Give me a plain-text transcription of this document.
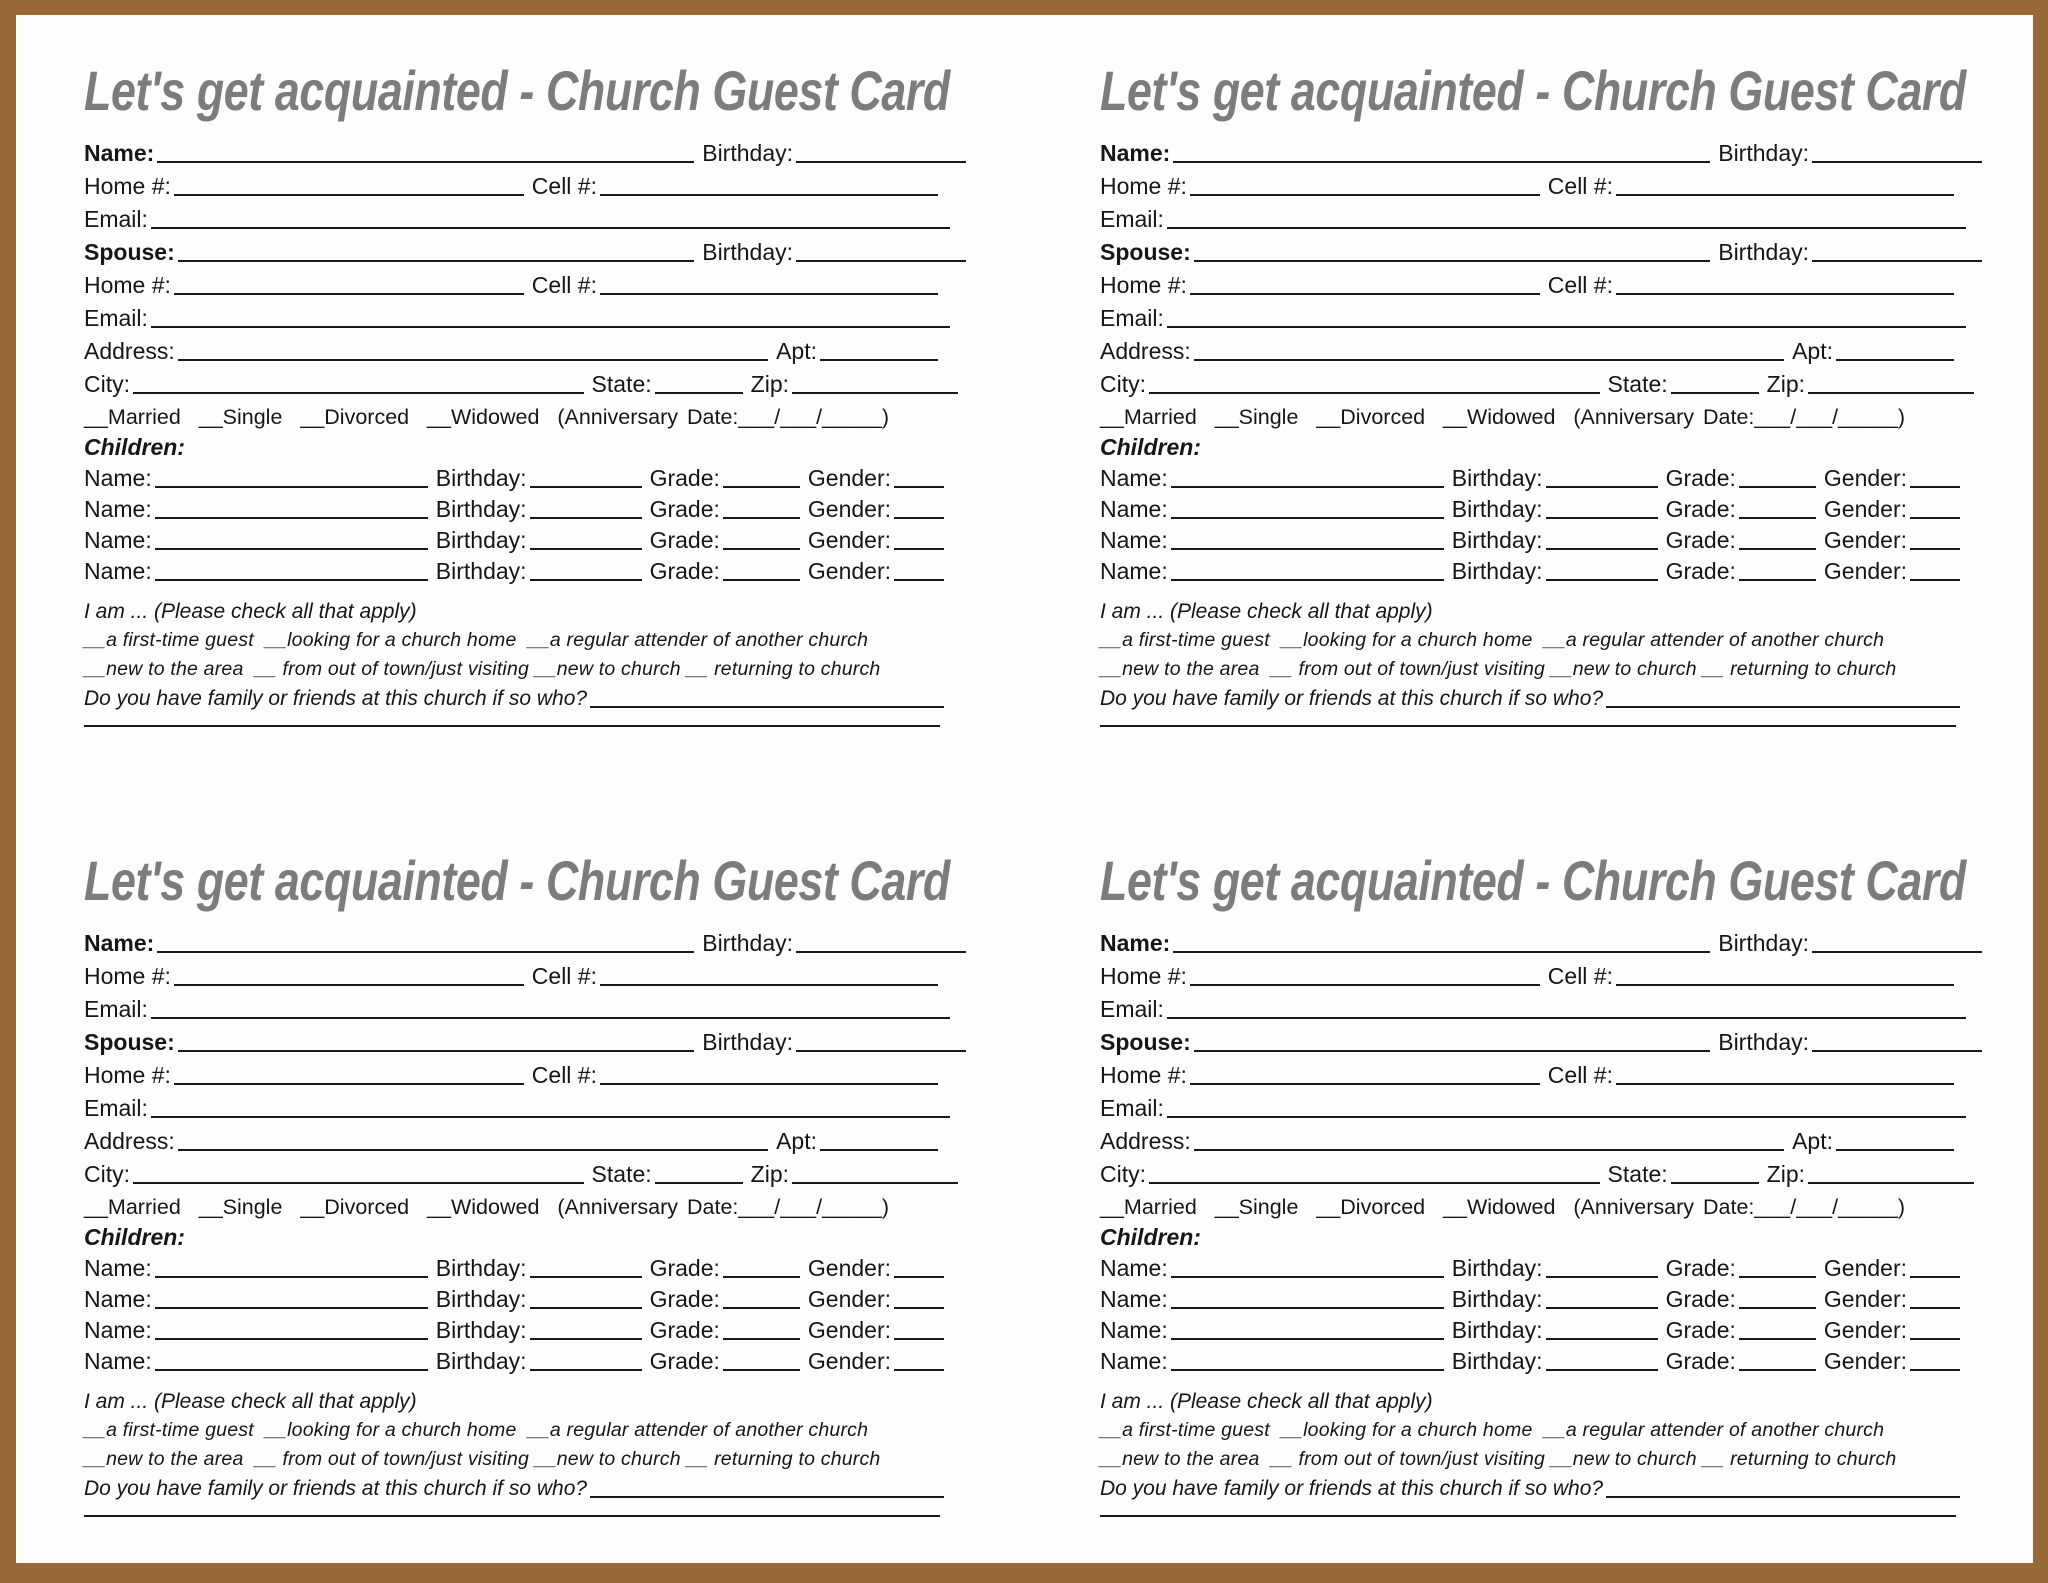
Let's get acquainted - Church Guest Card
Name:	Birthday:
Home #:	Cell #:
Email:
Spouse:	Birthday:
Home #:	Cell #:
Email:
Address:	Apt:
City:	State:	Zip:
__Married  __Single  __Divorced  __Widowed  (Anniversary Date:___/___/_____)
Children:
Name:	Birthday:	Grade:	Gender:
Name:	Birthday:	Grade:	Gender:
Name:	Birthday:	Grade:	Gender:
Name:	Birthday:	Grade:	Gender:
I am ... (Please check all that apply)
__a first-time guest  __looking for a church home  __a regular attender of another church
__new to the area  __ from out of town/just visiting __new to church __ returning to church
Do you have family or friends at this church if so who?
Let's get acquainted - Church Guest Card
Name:	Birthday:
Home #:	Cell #:
Email:
Spouse:	Birthday:
Home #:	Cell #:
Email:
Address:	Apt:
City:	State:	Zip:
__Married  __Single  __Divorced  __Widowed  (Anniversary Date:___/___/_____)
Children:
Name:	Birthday:	Grade:	Gender:
Name:	Birthday:	Grade:	Gender:
Name:	Birthday:	Grade:	Gender:
Name:	Birthday:	Grade:	Gender:
I am ... (Please check all that apply)
__a first-time guest  __looking for a church home  __a regular attender of another church
__new to the area  __ from out of town/just visiting __new to church __ returning to church
Do you have family or friends at this church if so who?
Let's get acquainted - Church Guest Card
Name:	Birthday:
Home #:	Cell #:
Email:
Spouse:	Birthday:
Home #:	Cell #:
Email:
Address:	Apt:
City:	State:	Zip:
__Married  __Single  __Divorced  __Widowed  (Anniversary Date:___/___/_____)
Children:
Name:	Birthday:	Grade:	Gender:
Name:	Birthday:	Grade:	Gender:
Name:	Birthday:	Grade:	Gender:
Name:	Birthday:	Grade:	Gender:
I am ... (Please check all that apply)
__a first-time guest  __looking for a church home  __a regular attender of another church
__new to the area  __ from out of town/just visiting __new to church __ returning to church
Do you have family or friends at this church if so who?
Let's get acquainted - Church Guest Card
Name:	Birthday:
Home #:	Cell #:
Email:
Spouse:	Birthday:
Home #:	Cell #:
Email:
Address:	Apt:
City:	State:	Zip:
__Married  __Single  __Divorced  __Widowed  (Anniversary Date:___/___/_____)
Children:
Name:	Birthday:	Grade:	Gender:
Name:	Birthday:	Grade:	Gender:
Name:	Birthday:	Grade:	Gender:
Name:	Birthday:	Grade:	Gender:
I am ... (Please check all that apply)
__a first-time guest  __looking for a church home  __a regular attender of another church
__new to the area  __ from out of town/just visiting __new to church __ returning to church
Do you have family or friends at this church if so who?
